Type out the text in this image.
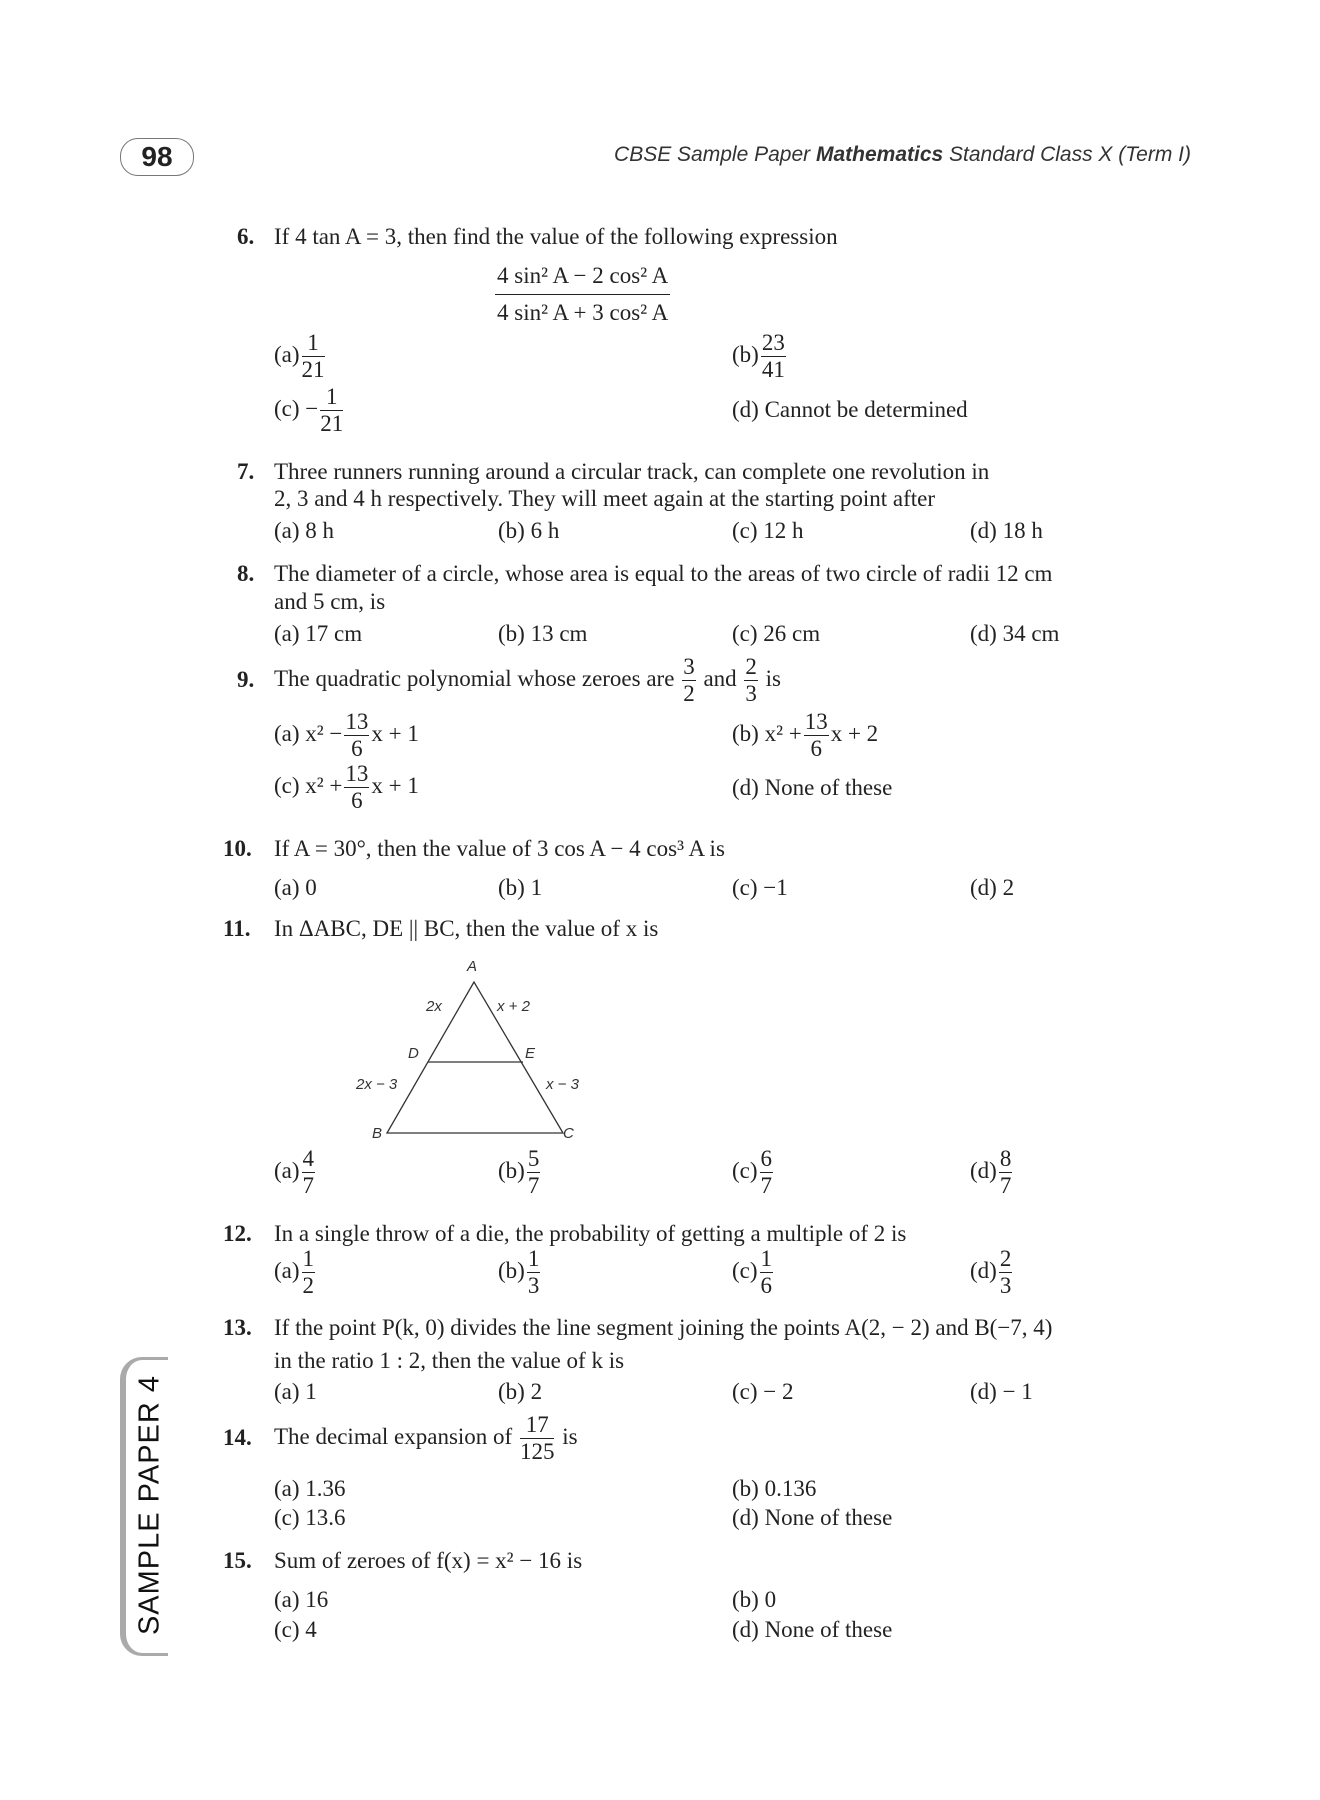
98	CBSE Sample Paper Mathematics Standard Class X (Term I)
SAMPLE PAPER 4
6. If 4 tan A = 3, then find the value of the following expression
$\frac{\text{4 sin² A − 2 cos² A}}{\text{4 sin² A + 3 cos² A}}$
$(a) \frac{1}{21}$	$(b) \frac{23}{41}$
$(c) - \frac{1}{21}$	(d) Cannot be determined
7. Three runners running around a circular track, can complete one revolution in
2, 3 and 4 h respectively. They will meet again at the starting point after
(a) 8 h	(b) 6 h	(c) 12 h	(d) 18 h
8. The diameter of a circle, whose area is equal to the areas of two circle of radii 12 cm
and 5 cm, is
(a) 17 cm	(b) 13 cm	(c) 26 cm	(d) 34 cm
9. The quadratic polynomial whose zeroes are $\frac{3}{2}$ and $\frac{2}{3}$ is
(a) $x^2 - \frac{13}{6}$ x + 1	(b) $x^2 + \frac{13}{6}$ x + 2
(c) $x^2 + \frac{13}{6}$ x + 1	(d) None of these
10. If A = 30°, then the value of 3 cos A − 4 cos³ A is
(a) 0	(b) 1	(c) −1	(d) 2
11. In ΔABC, DE || BC, then the value of x is
A
B	C
D	E
2x	x + 2
2x − 3	x − 3
$(a) \frac{4}{7}$	$(b) \frac{5}{7}$	$(c) \frac{6}{7}$	$(d) \frac{8}{7}$
12. In a single throw of a die, the probability of getting a multiple of 2 is
$(a) \frac{1}{2}$	$(b) \frac{1}{3}$	$(c) \frac{1}{6}$	$(d) \frac{2}{3}$
13. If the point P(k, 0) divides the line segment joining the points A(2, − 2) and B(−7, 4)
in the ratio 1 : 2, then the value of k is
(a) 1	(b) 2	(c) − 2	(d) − 1
14. The decimal expansion of $\frac{17}{125}$ is
(a) 1.36	(b) 0.136
(c) 13.6	(d) None of these
15. Sum of zeroes of f(x) = x² − 16 is
(a) 16	(b) 0
(c) 4	(d) None of these
